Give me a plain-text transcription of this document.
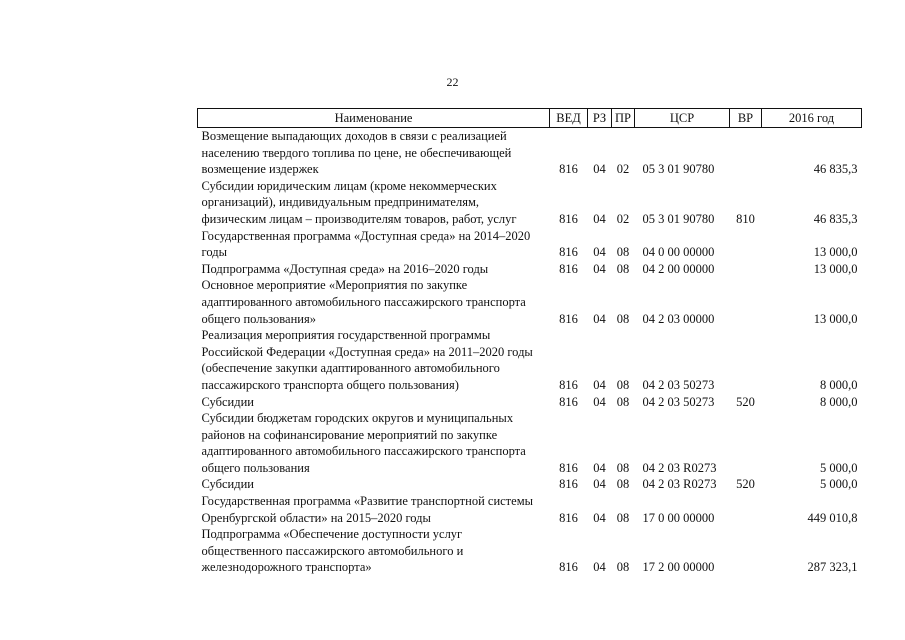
22
Наименование	ВЕД	РЗ	ПР	ЦСР	ВР	2016 год

Возмещение выпадающих доходов в связи с реализацией
населению твердого топлива по цене, не обеспечивающей
возмещение издержек	816	04	02	05 3 01 90780		46 835,3

Субсидии юридическим лицам (кроме некоммерческих
организаций), индивидуальным предпринимателям,
физическим лицам – производителям товаров, работ, услуг	816	04	02	05 3 01 90780	810	46 835,3

Государственная программа «Доступная среда» на 2014–2020
годы	816	04	08	04 0 00 00000		13 000,0

Подпрограмма «Доступная среда» на 2016–2020 годы	816	04	08	04 2 00 00000		13 000,0

Основное мероприятие «Мероприятия по закупке
адаптированного автомобильного пассажирского транспорта
общего пользования»	816	04	08	04 2 03 00000		13 000,0

Реализация мероприятия государственной программы
Российской Федерации «Доступная среда» на 2011–2020 годы
(обеспечение закупки адаптированного автомобильного
пассажирского транспорта общего пользования)	816	04	08	04 2 03 50273		8 000,0

Субсидии	816	04	08	04 2 03 50273	520	8 000,0

Субсидии бюджетам городских округов и муниципальных
районов на софинансирование мероприятий по закупке
адаптированного автомобильного пассажирского транспорта
общего пользования	816	04	08	04 2 03 R0273		5 000,0

Субсидии	816	04	08	04 2 03 R0273	520	5 000,0

Государственная программа «Развитие транспортной системы
Оренбургской области» на 2015–2020 годы	816	04	08	17 0 00 00000		449 010,8

Подпрограмма «Обеспечение доступности услуг
общественного пассажирского автомобильного и
железнодорожного транспорта»	816	04	08	17 2 00 00000		287 323,1
